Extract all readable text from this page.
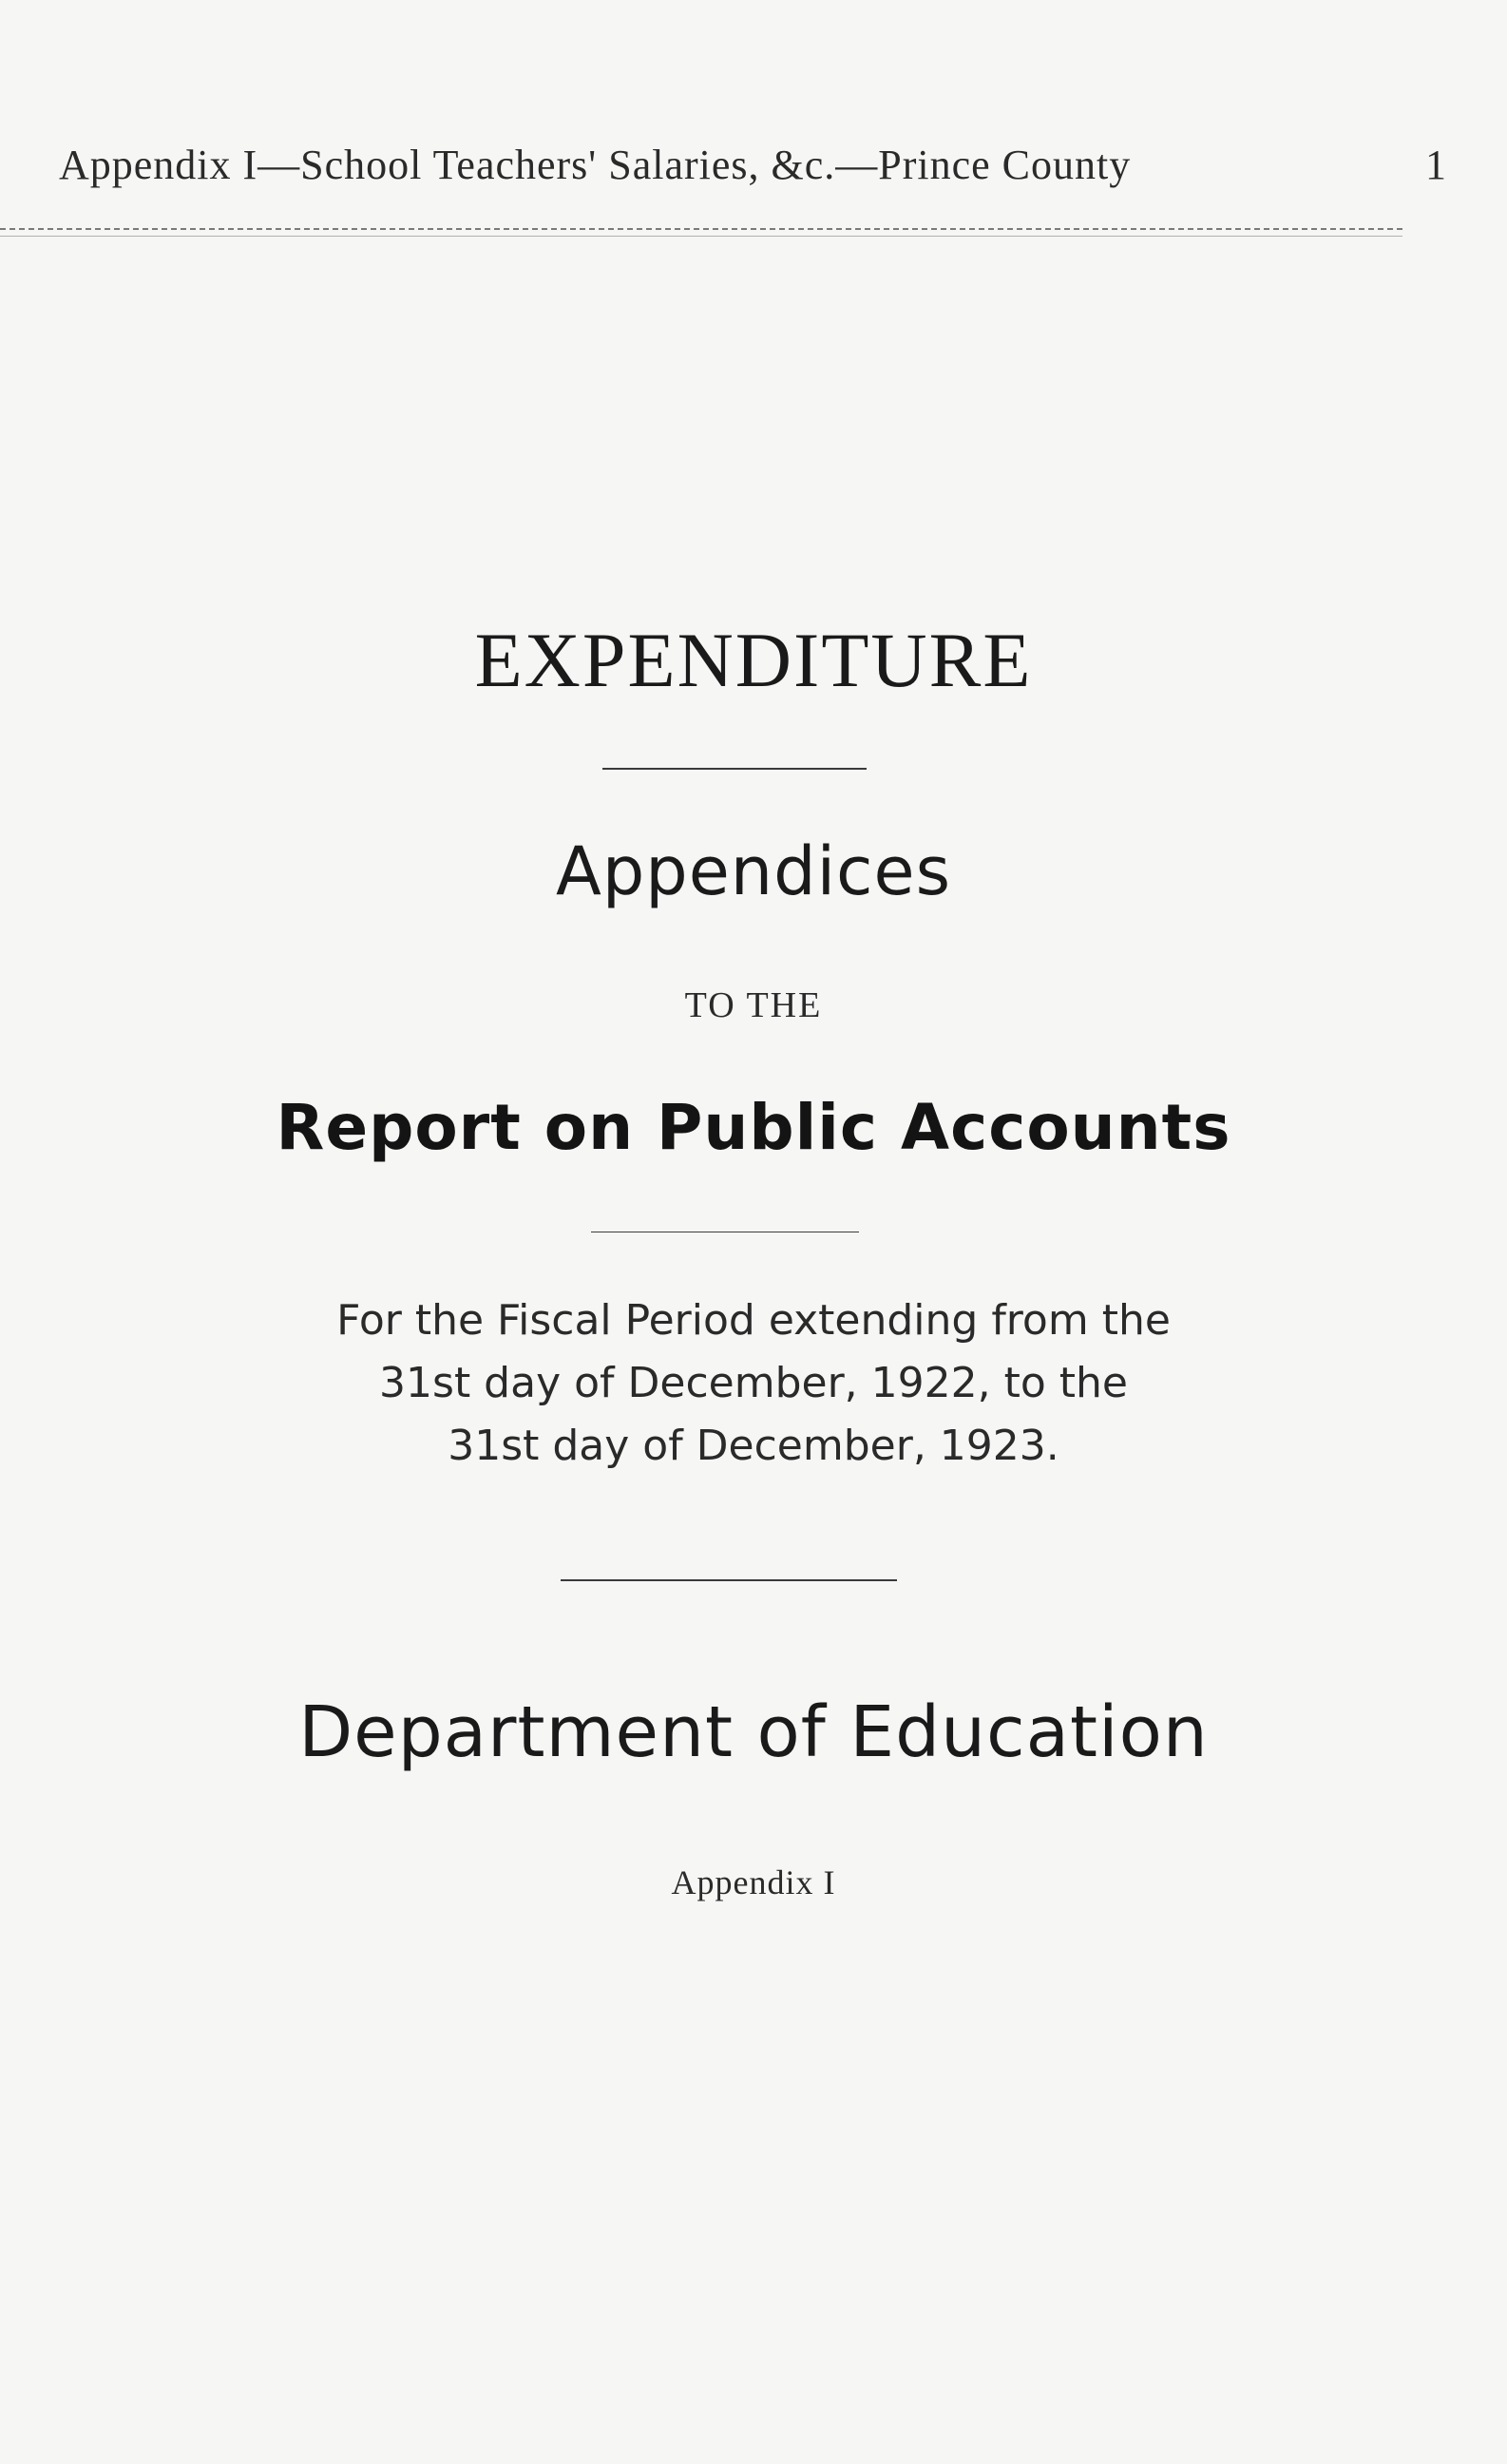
Appendix I—School Teachers' Salaries, &c.—Prince County	1
EXPENDITURE
Appendices
TO THE
Report on Public Accounts
For the Fiscal Period extending from the
31st day of December, 1922, to the
31st day of December, 1923.
Department of Education
Appendix I
